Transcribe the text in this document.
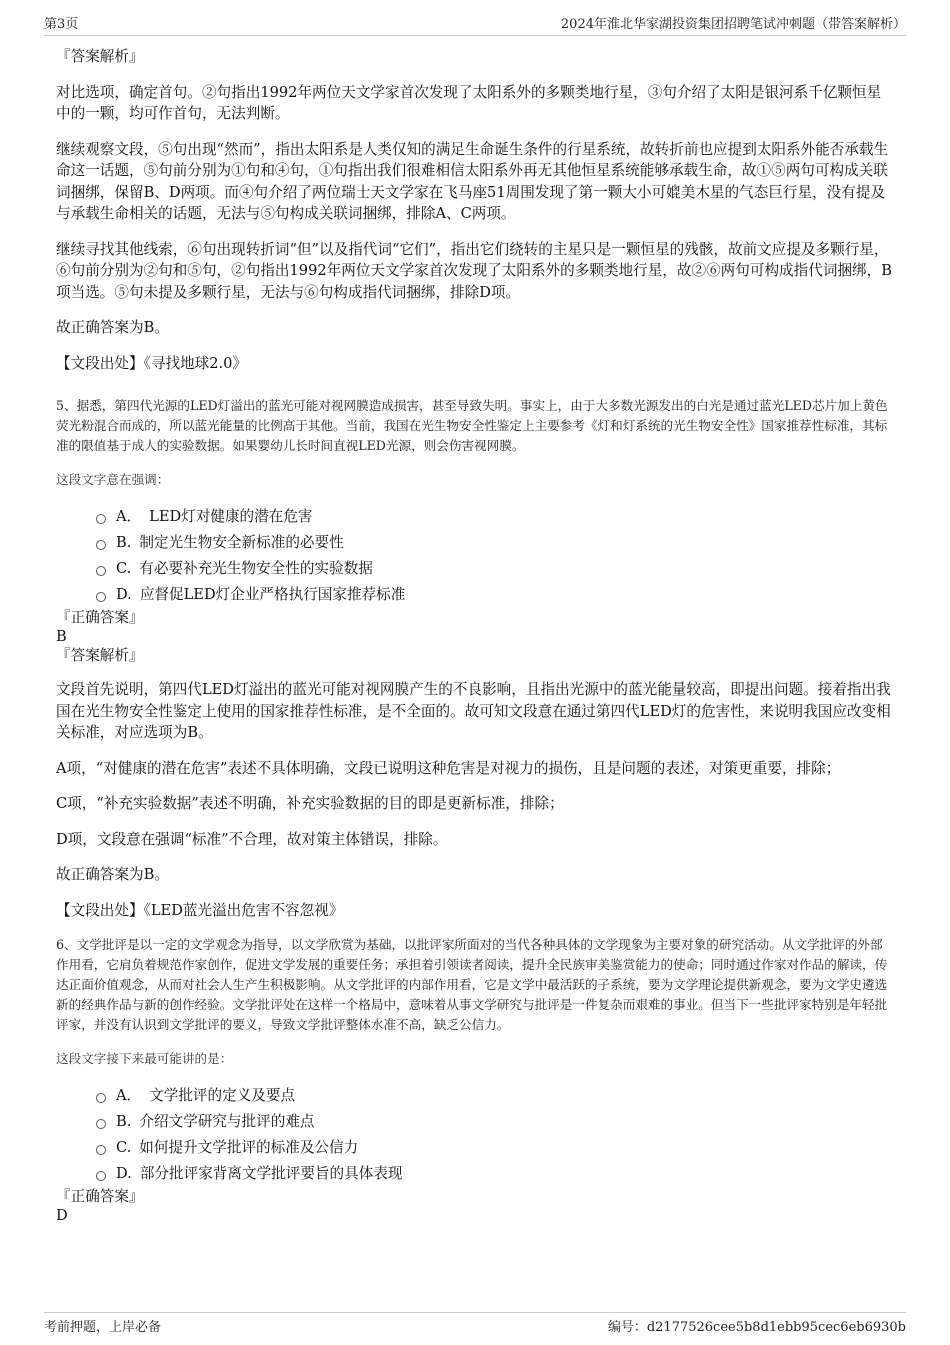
第3页	2024年淮北华家湖投资集团招聘笔试冲刺题（带答案解析）

『答案解析』

对比选项，确定首句。②句指出1992年两位天文学家首次发现了太阳系外的多颗类地行星，③句介绍了太阳是银河系千亿颗恒星中的一颗，均可作首句，无法判断。

继续观察文段，⑤句出现“然而”，指出太阳系是人类仅知的满足生命诞生条件的行星系统，故转折前也应提到太阳系外能否承载生命这一话题，⑤句前分别为①句和④句，①句指出我们很难相信太阳系外再无其他恒星系统能够承载生命，故①⑤两句可构成关联词捆绑，保留B、D两项。而④句介绍了两位瑞士天文学家在飞马座51周围发现了第一颗大小可媲美木星的气态巨行星，没有提及与承载生命相关的话题，无法与⑤句构成关联词捆绑，排除A、C两项。

继续寻找其他线索，⑥句出现转折词“但”以及指代词“它们”，指出它们绕转的主星只是一颗恒星的残骸，故前文应提及多颗行星，⑥句前分别为②句和⑤句，②句指出1992年两位天文学家首次发现了太阳系外的多颗类地行星，故②⑥两句可构成指代词捆绑，B项当选。⑤句未提及多颗行星，无法与⑥句构成指代词捆绑，排除D项。

故正确答案为B。

【文段出处】《寻找地球2.0》

5、据悉，第四代光源的LED灯溢出的蓝光可能对视网膜造成损害，甚至导致失明。事实上，由于大多数光源发出的白光是通过蓝光LED芯片加上黄色荧光粉混合而成的，所以蓝光能量的比例高于其他。当前，我国在光生物安全性鉴定上主要参考《灯和灯系统的光生物安全性》国家推荐性标准，其标准的限值基于成人的实验数据。如果婴幼儿长时间直视LED光源，则会伤害视网膜。

这段文字意在强调：

A． LED灯对健康的潜在危害
B. 制定光生物安全新标准的必要性
C. 有必要补充光生物安全性的实验数据
D. 应督促LED灯企业严格执行国家推荐标准

『正确答案』

B

『答案解析』

文段首先说明，第四代LED灯溢出的蓝光可能对视网膜产生的不良影响，且指出光源中的蓝光能量较高，即提出问题。接着指出我国在光生物安全性鉴定上使用的国家推荐性标准，是不全面的。故可知文段意在通过第四代LED灯的危害性，来说明我国应改变相关标准，对应选项为B。

A项，“对健康的潜在危害”表述不具体明确，文段已说明这种危害是对视力的损伤，且是问题的表述，对策更重要，排除；

C项，“补充实验数据”表述不明确，补充实验数据的目的即是更新标准，排除；

D项，文段意在强调“标准”不合理，故对策主体错误，排除。

故正确答案为B。

【文段出处】《LED蓝光溢出危害不容忽视》

6、文学批评是以一定的文学观念为指导，以文学欣赏为基础，以批评家所面对的当代各种具体的文学现象为主要对象的研究活动。从文学批评的外部作用看，它肩负着规范作家创作，促进文学发展的重要任务；承担着引领读者阅读，提升全民族审美鉴赏能力的使命；同时通过作家对作品的解读，传达正面价值观念，从而对社会人生产生积极影响。从文学批评的内部作用看，它是文学中最活跃的子系统，要为文学理论提供新观念，要为文学史遴选新的经典作品与新的创作经验。文学批评处在这样一个格局中，意味着从事文学研究与批评是一件复杂而艰难的事业。但当下一些批评家特别是年轻批评家，并没有认识到文学批评的要义，导致文学批评整体水准不高，缺乏公信力。

这段文字接下来最可能讲的是：

A． 文学批评的定义及要点
B. 介绍文学研究与批评的难点
C. 如何提升文学批评的标准及公信力
D. 部分批评家背离文学批评要旨的具体表现

『正确答案』

D

考前押题，上岸必备	编号：d2177526cee5b8d1ebb95cec6eb6930b
